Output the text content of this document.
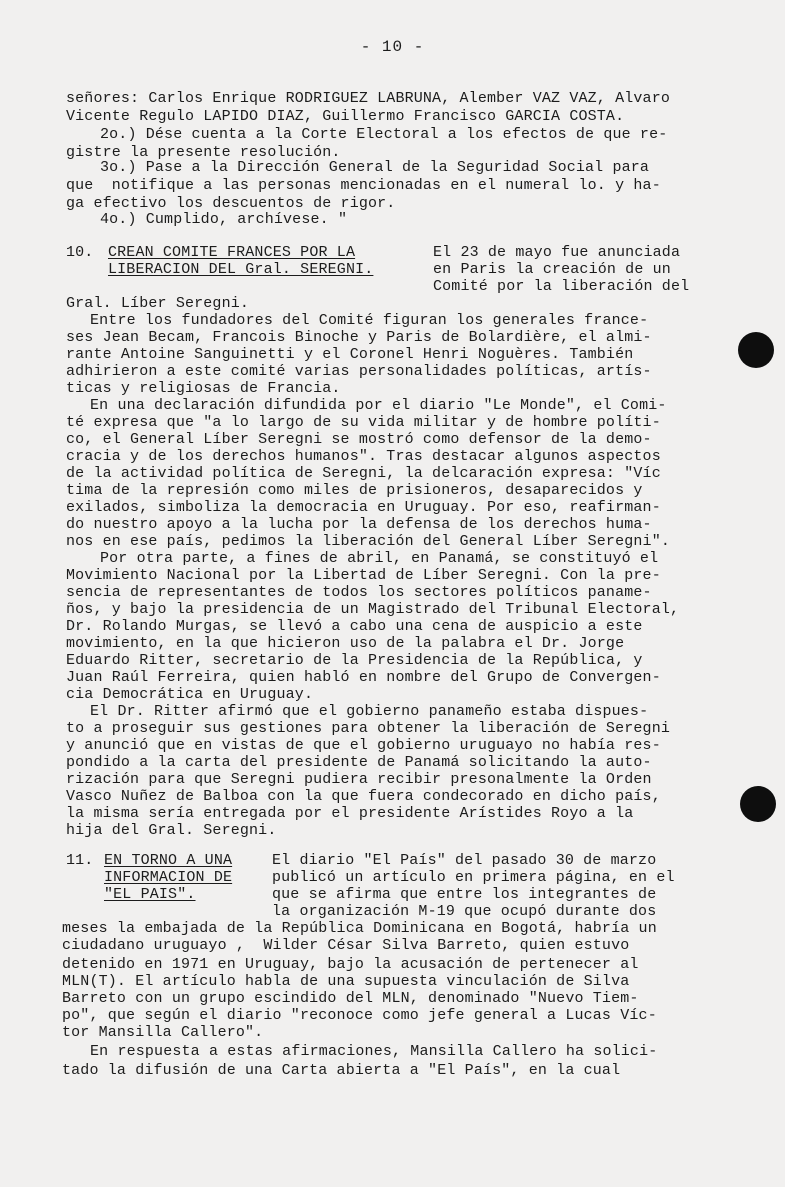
- 10 -
señores: Carlos Enrique RODRIGUEZ LABRUNA, Alember VAZ VAZ, Alvaro
Vicente Regulo LAPIDO DIAZ, Guillermo Francisco GARCIA COSTA.
2o.) Dése cuenta a la Corte Electoral a los efectos de que re-
gistre la presente resolución.
3o.) Pase a la Dirección General de la Seguridad Social para
que  notifique a las personas mencionadas en el numeral lo. y ha-
ga efectivo los descuentos de rigor.
4o.) Cumplido, archívese. "
10. CREAN COMITE FRANCES POR LA	El 23 de mayo fue anunciada
LIBERACION DEL Gral. SEREGNI.	en Paris la creación de un
Comité por la liberación del
Gral. Líber Seregni.
Entre los fundadores del Comité figuran los generales france-
ses Jean Becam, Francois Binoche y Paris de Bolardière, el almi-
rante Antoine Sanguinetti y el Coronel Henri Noguères. También
adhirieron a este comité varias personalidades políticas, artís-
ticas y religiosas de Francia.
En una declaración difundida por el diario "Le Monde", el Comi-
té expresa que "a lo largo de su vida militar y de hombre políti-
co, el General Líber Seregni se mostró como defensor de la demo-
cracia y de los derechos humanos". Tras destacar algunos aspectos
de la actividad política de Seregni, la delcaración expresa: "Víc
tima de la represión como miles de prisioneros, desaparecidos y
exilados, simboliza la democracia en Uruguay. Por eso, reafirman-
do nuestro apoyo a la lucha por la defensa de los derechos huma-
nos en ese país, pedimos la liberación del General Líber Seregni".
Por otra parte, a fines de abril, en Panamá, se constituyó el
Movimiento Nacional por la Libertad de Líber Seregni. Con la pre-
sencia de representantes de todos los sectores políticos paname-
ños, y bajo la presidencia de un Magistrado del Tribunal Electoral,
Dr. Rolando Murgas, se llevó a cabo una cena de auspicio a este
movimiento, en la que hicieron uso de la palabra el Dr. Jorge
Eduardo Ritter, secretario de la Presidencia de la República, y
Juan Raúl Ferreira, quien habló en nombre del Grupo de Convergen-
cia Democrática en Uruguay.
El Dr. Ritter afirmó que el gobierno panameño estaba dispues-
to a proseguir sus gestiones para obtener la liberación de Seregni
y anunció que en vistas de que el gobierno uruguayo no había res-
pondido a la carta del presidente de Panamá solicitando la auto-
rización para que Seregni pudiera recibir presonalmente la Orden
Vasco Nuñez de Balboa con la que fuera condecorado en dicho país,
la misma sería entregada por el presidente Arístides Royo a la
hija del Gral. Seregni.
11. EN TORNO A UNA	El diario "El País" del pasado 30 de marzo
INFORMACION DE	publicó un artículo en primera página, en el
"EL PAIS".	que se afirma que entre los integrantes de
la organización M-19 que ocupó durante dos
meses la embajada de la República Dominicana en Bogotá, habría un
ciudadano uruguayo ,  Wilder César Silva Barreto, quien estuvo
detenido en 1971 en Uruguay, bajo la acusación de pertenecer al
MLN(T). El artículo habla de una supuesta vinculación de Silva
Barreto con un grupo escindido del MLN, denominado "Nuevo Tiem-
po", que según el diario "reconoce como jefe general a Lucas Víc-
tor Mansilla Callero".
En respuesta a estas afirmaciones, Mansilla Callero ha solici-
tado la difusión de una Carta abierta a "El País", en la cual
